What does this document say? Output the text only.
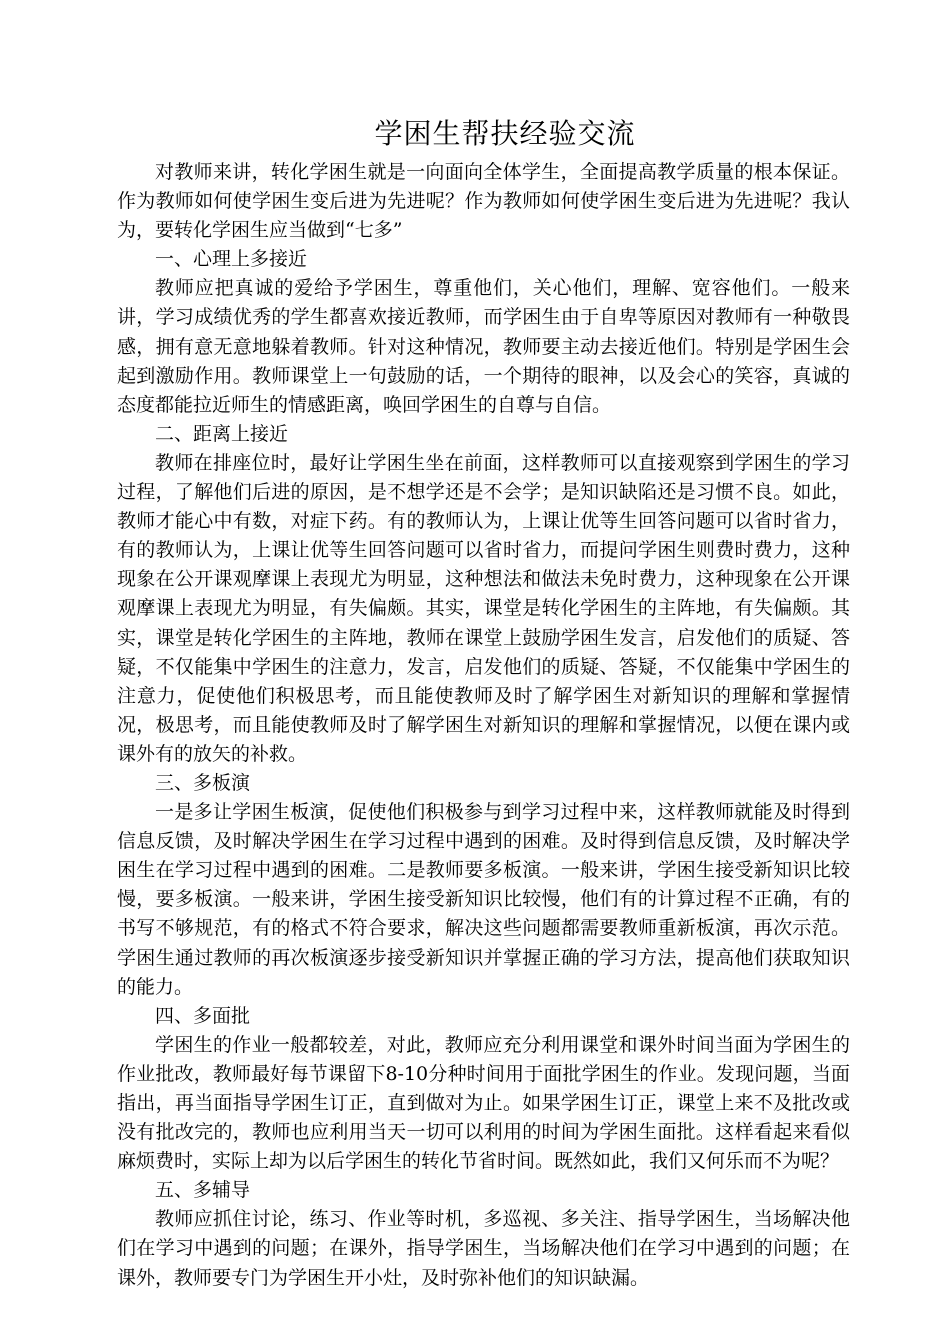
学困生帮扶经验交流

对教师来讲，转化学困生就是一向面向全体学生，全面提高教学质量的根本保证。作为教师如何使学困生变后进为先进呢？作为教师如何使学困生变后进为先进呢？我认为，要转化学困生应当做到“七多”

一、心理上多接近

教师应把真诚的爱给予学困生，尊重他们，关心他们，理解、宽容他们。一般来讲，学习成绩优秀的学生都喜欢接近教师，而学困生由于自卑等原因对教师有一种敬畏感，拥有意无意地躲着教师。针对这种情况，教师要主动去接近他们。特别是学困生会起到激励作用。教师课堂上一句鼓励的话，一个期待的眼神，以及会心的笑容，真诚的态度都能拉近师生的情感距离，唤回学困生的自尊与自信。

二、距离上接近

教师在排座位时，最好让学困生坐在前面，这样教师可以直接观察到学困生的学习过程，了解他们后进的原因，是不想学还是不会学；是知识缺陷还是习惯不良。如此，教师才能心中有数，对症下药。有的教师认为，上课让优等生回答问题可以省时省力，有的教师认为，上课让优等生回答问题可以省时省力，而提问学困生则费时费力，这种现象在公开课观摩课上表现尤为明显，这种想法和做法未免时费力，这种现象在公开课观摩课上表现尤为明显，有失偏颇。其实，课堂是转化学困生的主阵地，有失偏颇。其实，课堂是转化学困生的主阵地，教师在课堂上鼓励学困生发言，启发他们的质疑、答疑，不仅能集中学困生的注意力，发言，启发他们的质疑、答疑，不仅能集中学困生的注意力，促使他们积极思考，而且能使教师及时了解学困生对新知识的理解和掌握情况，极思考，而且能使教师及时了解学困生对新知识的理解和掌握情况，以便在课内或课外有的放矢的补救。

三、多板演

一是多让学困生板演，促使他们积极参与到学习过程中来，这样教师就能及时得到信息反馈，及时解决学困生在学习过程中遇到的困难。及时得到信息反馈，及时解决学困生在学习过程中遇到的困难。二是教师要多板演。一般来讲，学困生接受新知识比较慢，要多板演。一般来讲，学困生接受新知识比较慢，他们有的计算过程不正确，有的书写不够规范，有的格式不符合要求，解决这些问题都需要教师重新板演，再次示范。学困生通过教师的再次板演逐步接受新知识并掌握正确的学习方法，提高他们获取知识的能力。

四、多面批

学困生的作业一般都较差，对此，教师应充分利用课堂和课外时间当面为学困生的作业批改，教师最好每节课留下8-10分种时间用于面批学困生的作业。发现问题，当面指出，再当面指导学困生订正，直到做对为止。如果学困生订正，课堂上来不及批改或没有批改完的，教师也应利用当天一切可以利用的时间为学困生面批。这样看起来看似麻烦费时，实际上却为以后学困生的转化节省时间。既然如此，我们又何乐而不为呢？

五、多辅导

教师应抓住讨论，练习、作业等时机，多巡视、多关注、指导学困生，当场解决他们在学习中遇到的问题；在课外，指导学困生，当场解决他们在学习中遇到的问题；在课外，教师要专门为学困生开小灶，及时弥补他们的知识缺漏。
